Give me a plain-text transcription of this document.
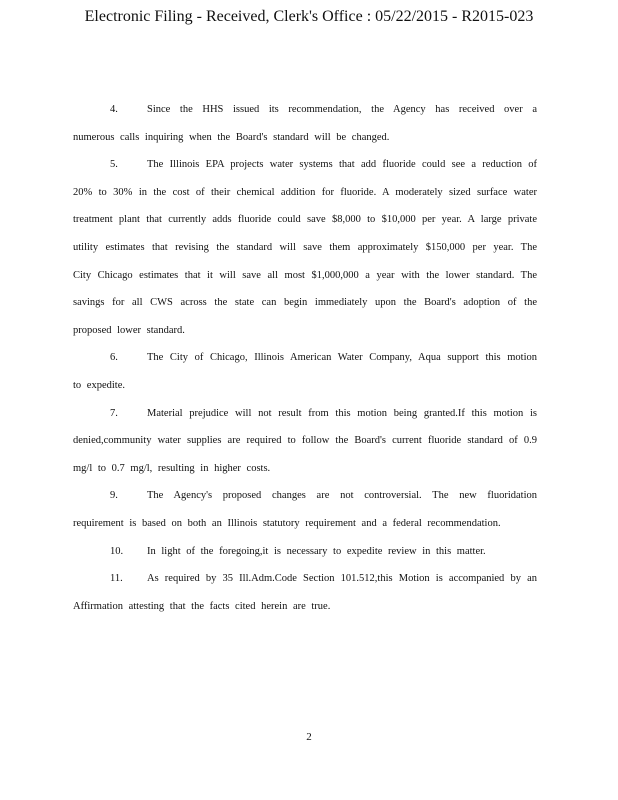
Electronic Filing - Received, Clerk's Office : 05/22/2015 - R2015-023

4.	Since the HHS issued its recommendation, the Agency has received over a numerous calls inquiring when the Board's standard will be changed.

5.	The Illinois EPA projects water systems that add fluoride could see a reduction of 20% to 30% in the cost of their chemical addition for fluoride. A moderately sized surface water treatment plant that currently adds fluoride could save $8,000 to $10,000 per year. A large private utility estimates that revising the standard will save them approximately $150,000 per year. The City Chicago estimates that it will save all most $1,000,000 a year with the lower standard. The savings for all CWS across the state can begin immediately upon the Board's adoption of the proposed lower standard.

6.	The City of Chicago, Illinois American Water Company, Aqua support this motion to expedite.

7.	Material prejudice will not result from this motion being granted.If this motion is denied,community water supplies are required to follow the Board's current fluoride standard of 0.9 mg/l to 0.7 mg/l, resulting in higher costs.

9.	The Agency's proposed changes are not controversial. The new fluoridation requirement is based on both an Illinois statutory requirement and a federal recommendation.

10. In light of the foregoing,it is necessary to expedite review in this matter.

11. As required by 35 Ill.Adm.Code Section 101.512,this Motion is accompanied by an Affirmation attesting that the facts cited herein are true.

2
